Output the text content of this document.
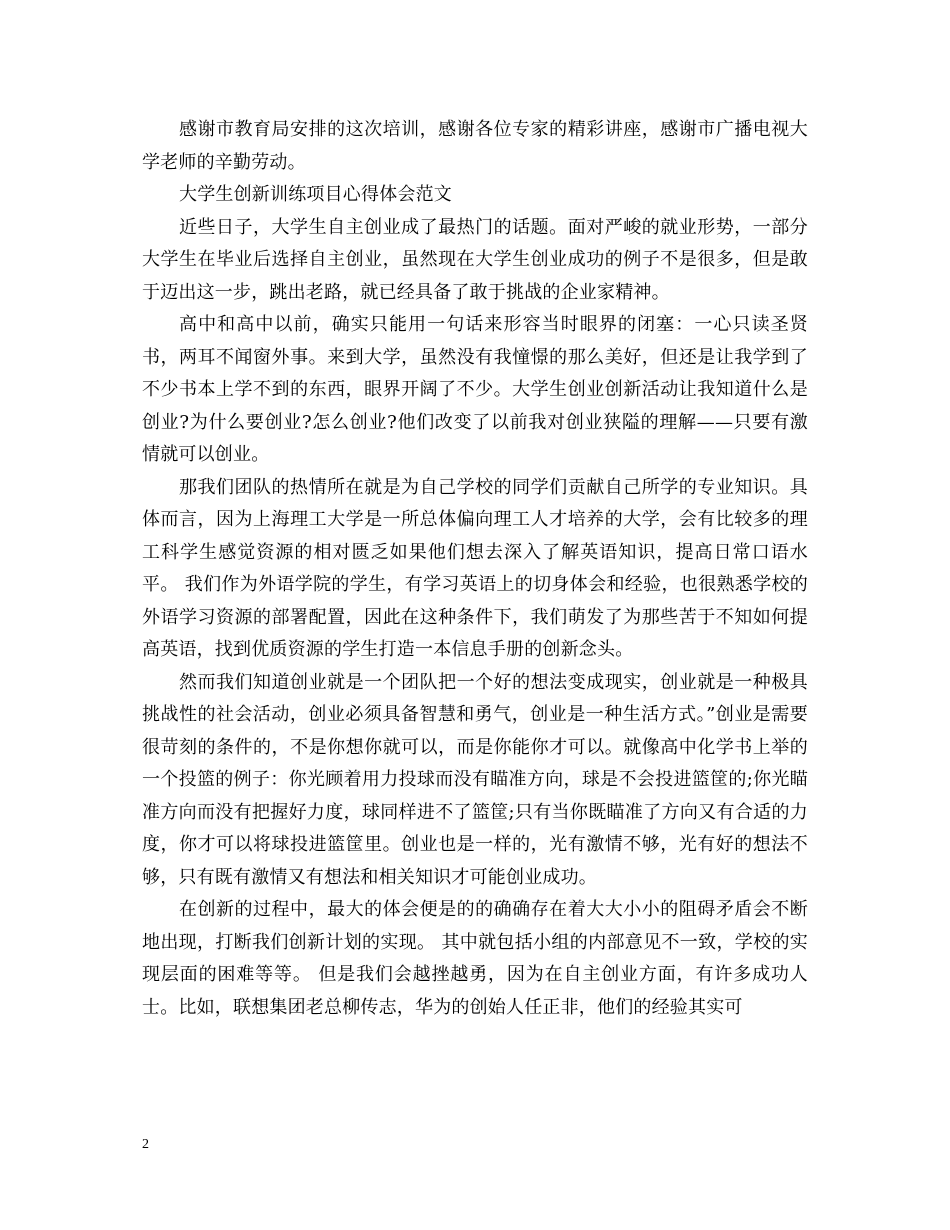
感谢市教育局安排的这次培训，感谢各位专家的精彩讲座，感谢市广播电视大学老师的辛勤劳动。

大学生创新训练项目心得体会范文

近些日子，大学生自主创业成了最热门的话题。面对严峻的就业形势，一部分大学生在毕业后选择自主创业，虽然现在大学生创业成功的例子不是很多，但是敢于迈出这一步，跳出老路，就已经具备了敢于挑战的企业家精神。

高中和高中以前，确实只能用一句话来形容当时眼界的闭塞：一心只读圣贤书，两耳不闻窗外事。来到大学，虽然没有我憧憬的那么美好，但还是让我学到了不少书本上学不到的东西，眼界开阔了不少。大学生创业创新活动让我知道什么是创业?为什么要创业?怎么创业?他们改变了以前我对创业狭隘的理解——只要有激情就可以创业。

那我们团队的热情所在就是为自己学校的同学们贡献自己所学的专业知识。具体而言，因为上海理工大学是一所总体偏向理工人才培养的大学，会有比较多的理工科学生感觉资源的相对匮乏如果他们想去深入了解英语知识，提高日常口语水平。 我们作为外语学院的学生，有学习英语上的切身体会和经验，也很熟悉学校的外语学习资源的部署配置，因此在这种条件下，我们萌发了为那些苦于不知如何提高英语，找到优质资源的学生打造一本信息手册的创新念头。

然而我们知道创业就是一个团队把一个好的想法变成现实，创业就是一种极具挑战性的社会活动，创业必须具备智慧和勇气，创业是一种生活方式。”创业是需要很苛刻的条件的，不是你想你就可以，而是你能你才可以。就像高中化学书上举的一个投篮的例子：你光顾着用力投球而没有瞄准方向，球是不会投进篮筐的;你光瞄准方向而没有把握好力度，球同样进不了篮筐;只有当你既瞄准了方向又有合适的力度，你才可以将球投进篮筐里。创业也是一样的，光有激情不够，光有好的想法不够，只有既有激情又有想法和相关知识才可能创业成功。

在创新的过程中，最大的体会便是的的确确存在着大大小小的阻碍矛盾会不断地出现，打断我们创新计划的实现。 其中就包括小组的内部意见不一致，学校的实现层面的困难等等。 但是我们会越挫越勇，因为在自主创业方面，有许多成功人士。比如，联想集团老总柳传志，华为的创始人任正非，他们的经验其实可

2
